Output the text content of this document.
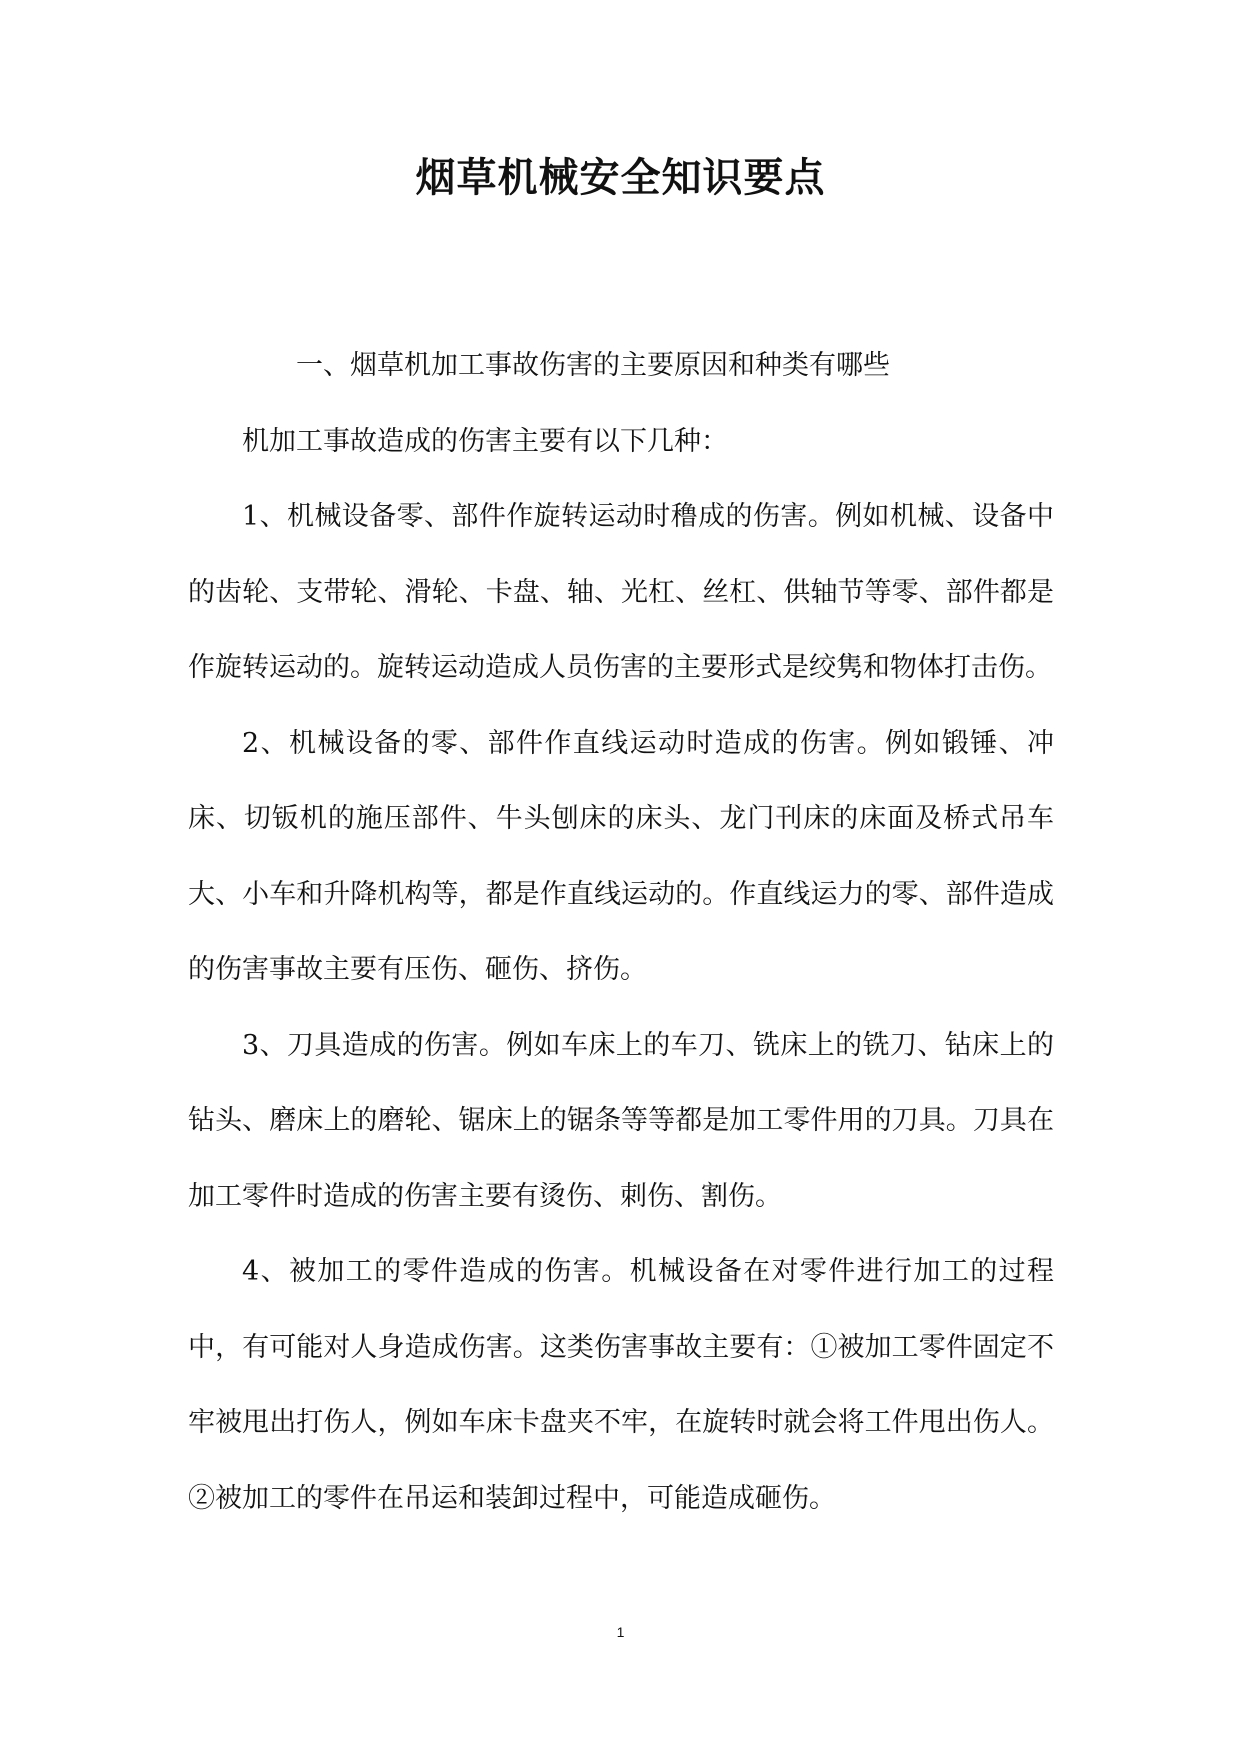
烟草机械安全知识要点

一、烟草机加工事故伤害的主要原因和种类有哪些

机加工事故造成的伤害主要有以下几种：

1、机械设备零、部件作旋转运动时穞成的伤害。例如机械、设备中的齿轮、支带轮、滑轮、卡盘、轴、光杠、丝杠、供轴节等零、部件都是作旋转运动的。旋转运动造成人员伤害的主要形式是绞隽和物体打击伤。

2、机械设备的零、部件作直线运动时造成的伤害。例如锻锤、冲床、切钣机的施压部件、牛头刨床的床头、龙门刊床的床面及桥式吊车大、小车和升降机构等，都是作直线运动的。作直线运力的零、部件造成的伤害事故主要有压伤、砸伤、挤伤。

3、刀具造成的伤害。例如车床上的车刀、铣床上的铣刀、钻床上的钻头、磨床上的磨轮、锯床上的锯条等等都是加工零件用的刀具。刀具在加工零件时造成的伤害主要有烫伤、刺伤、割伤。

4、被加工的零件造成的伤害。机械设备在对零件进行加工的过程中，有可能对人身造成伤害。这类伤害事故主要有：①被加工零件固定不牢被甩出打伤人，例如车床卡盘夹不牢，在旋转时就会将工件甩出伤人。②被加工的零件在吊运和装卸过程中，可能造成砸伤。

1
